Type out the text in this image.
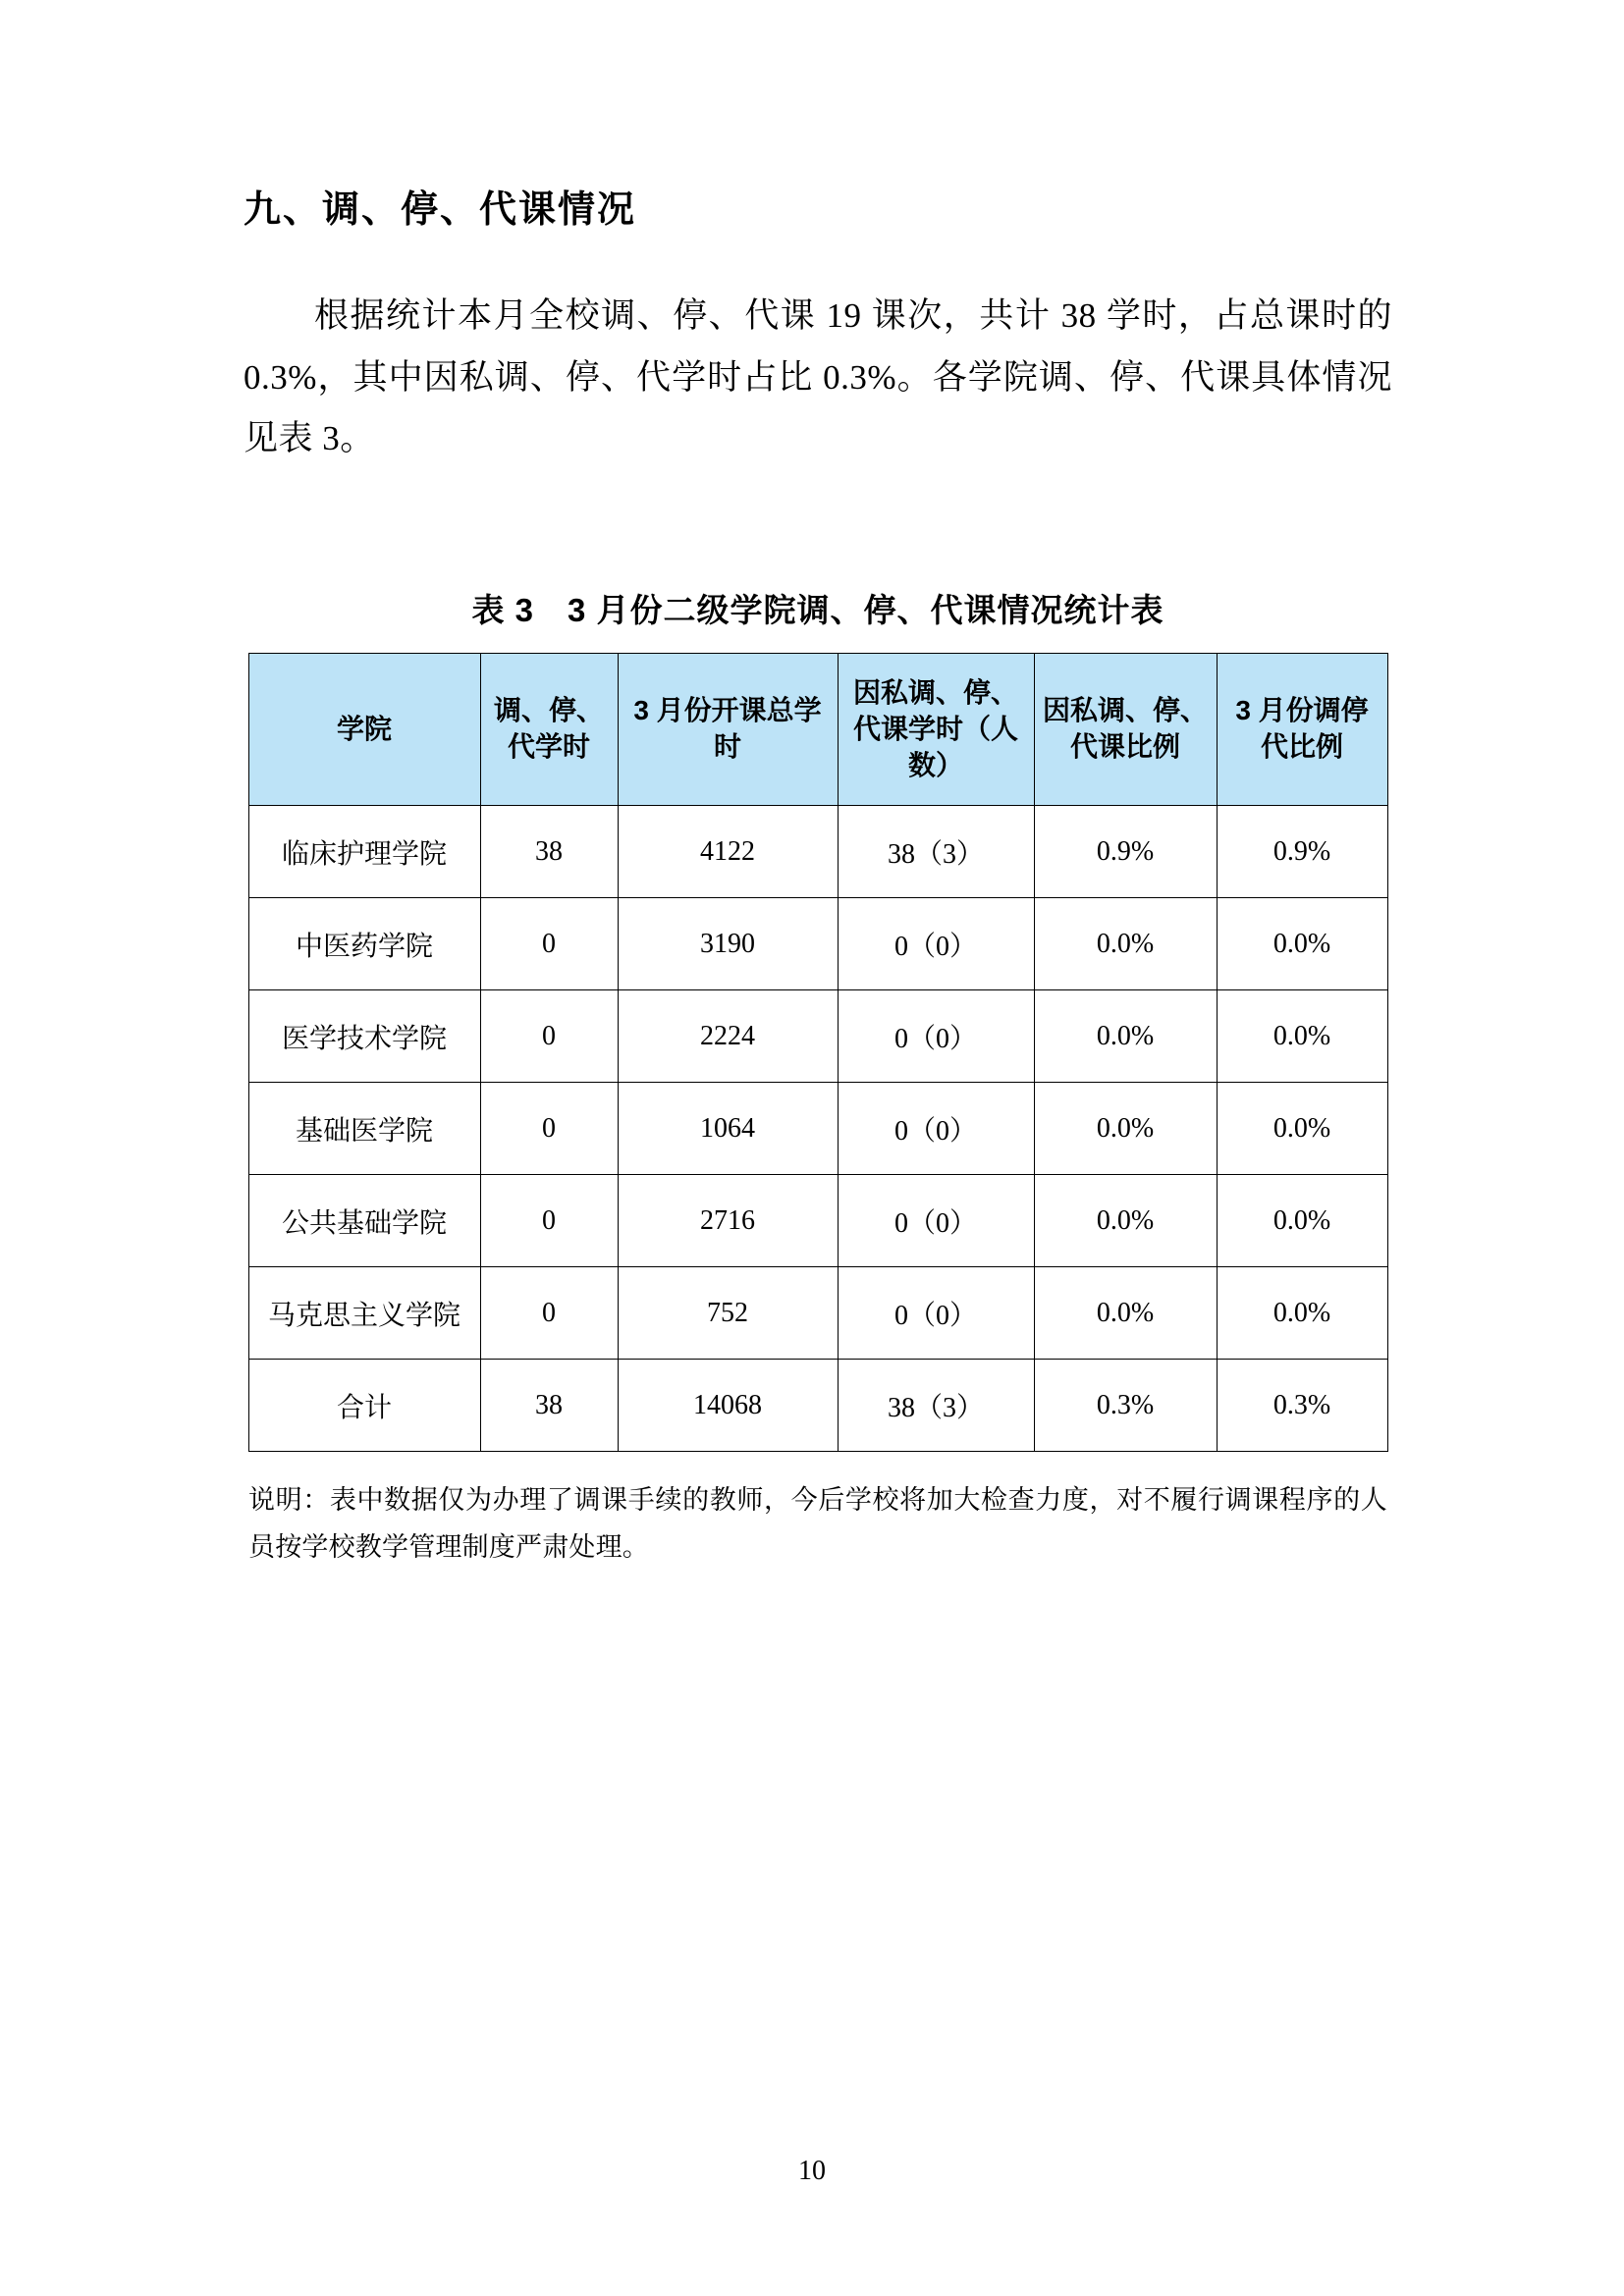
九、调、停、代课情况

根据统计本月全校调、停、代课 19 课次，共计 38 学时，占总课时的 0.3%，其中因私调、停、代学时占比 0.3%。各学院调、停、代课具体情况见表 3。

表 3　3 月份二级学院调、停、代课情况统计表
学院	调、停、代学时	3 月份开课总学时	因私调、停、代课学时（人数）	因私调、停、代课比例	3 月份调停代比例
临床护理学院	38	4122	38（3）	0.9%	0.9%
中医药学院	0	3190	0（0）	0.0%	0.0%
医学技术学院	0	2224	0（0）	0.0%	0.0%
基础医学院	0	1064	0（0）	0.0%	0.0%
公共基础学院	0	2716	0（0）	0.0%	0.0%
马克思主义学院	0	752	0（0）	0.0%	0.0%
合计	38	14068	38（3）	0.3%	0.3%
说明：表中数据仅为办理了调课手续的教师，今后学校将加大检查力度，对不履行调课程序的人员按学校教学管理制度严肃处理。
10
